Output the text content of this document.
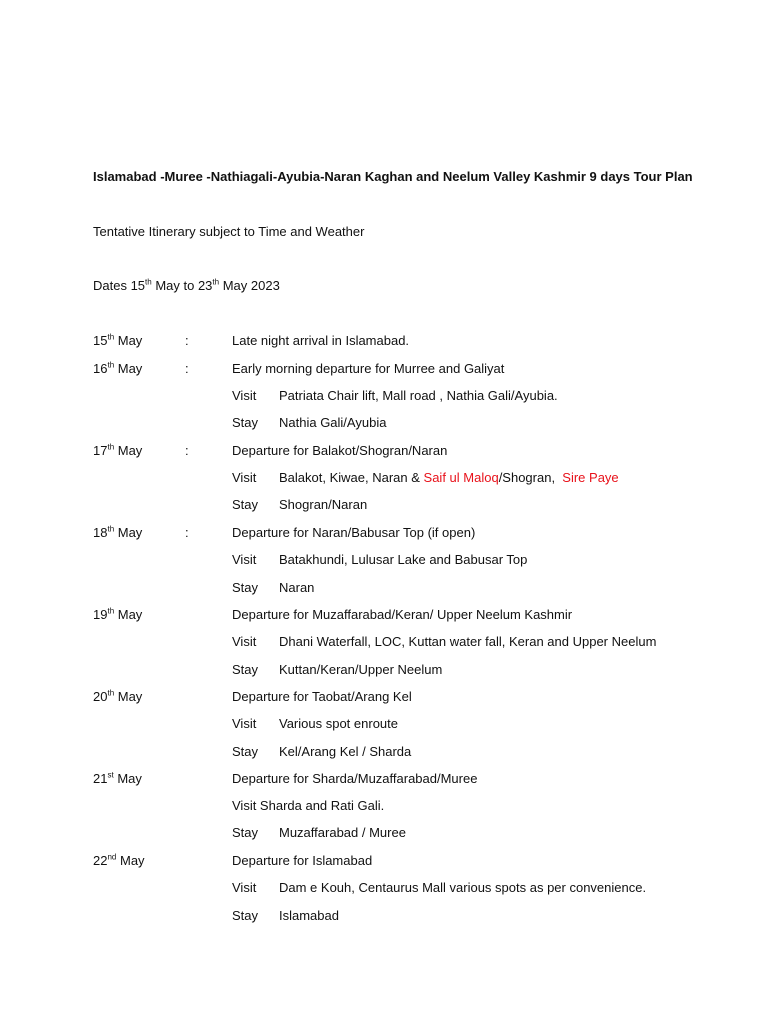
Islamabad -Muree -Nathiagali-Ayubia-Naran Kaghan and Neelum Valley Kashmir 9 days Tour Plan
Tentative Itinerary subject to Time and Weather
Dates 15th May to 23th May 2023
15th May	:	Late night arrival in Islamabad.
16th May	:	Early morning departure for Murree and Galiyat
Visit Patriata Chair lift, Mall road , Nathia Gali/Ayubia.
Stay Nathia Gali/Ayubia
17th May	:	Departure for Balakot/Shogran/Naran
Visit Balakot, Kiwae, Naran & Saif ul Maloq/Shogran,  Sire Paye
Stay Shogran/Naran
18th May	:	Departure for Naran/Babusar Top (if open)
Visit Batakhundi, Lulusar Lake and Babusar Top
Stay Naran
19th May	Departure for Muzaffarabad/Keran/ Upper Neelum Kashmir
Visit Dhani Waterfall, LOC, Kuttan water fall, Keran and Upper Neelum
Stay Kuttan/Keran/Upper Neelum
20th May	Departure for Taobat/Arang Kel
Visit Various spot enroute
Stay Kel/Arang Kel / Sharda
21st May	Departure for Sharda/Muzaffarabad/Muree
Visit Sharda and Rati Gali.
Stay Muzaffarabad / Muree
22nd May	Departure for Islamabad
Visit Dam e Kouh, Centaurus Mall various spots as per convenience.
Stay Islamabad
